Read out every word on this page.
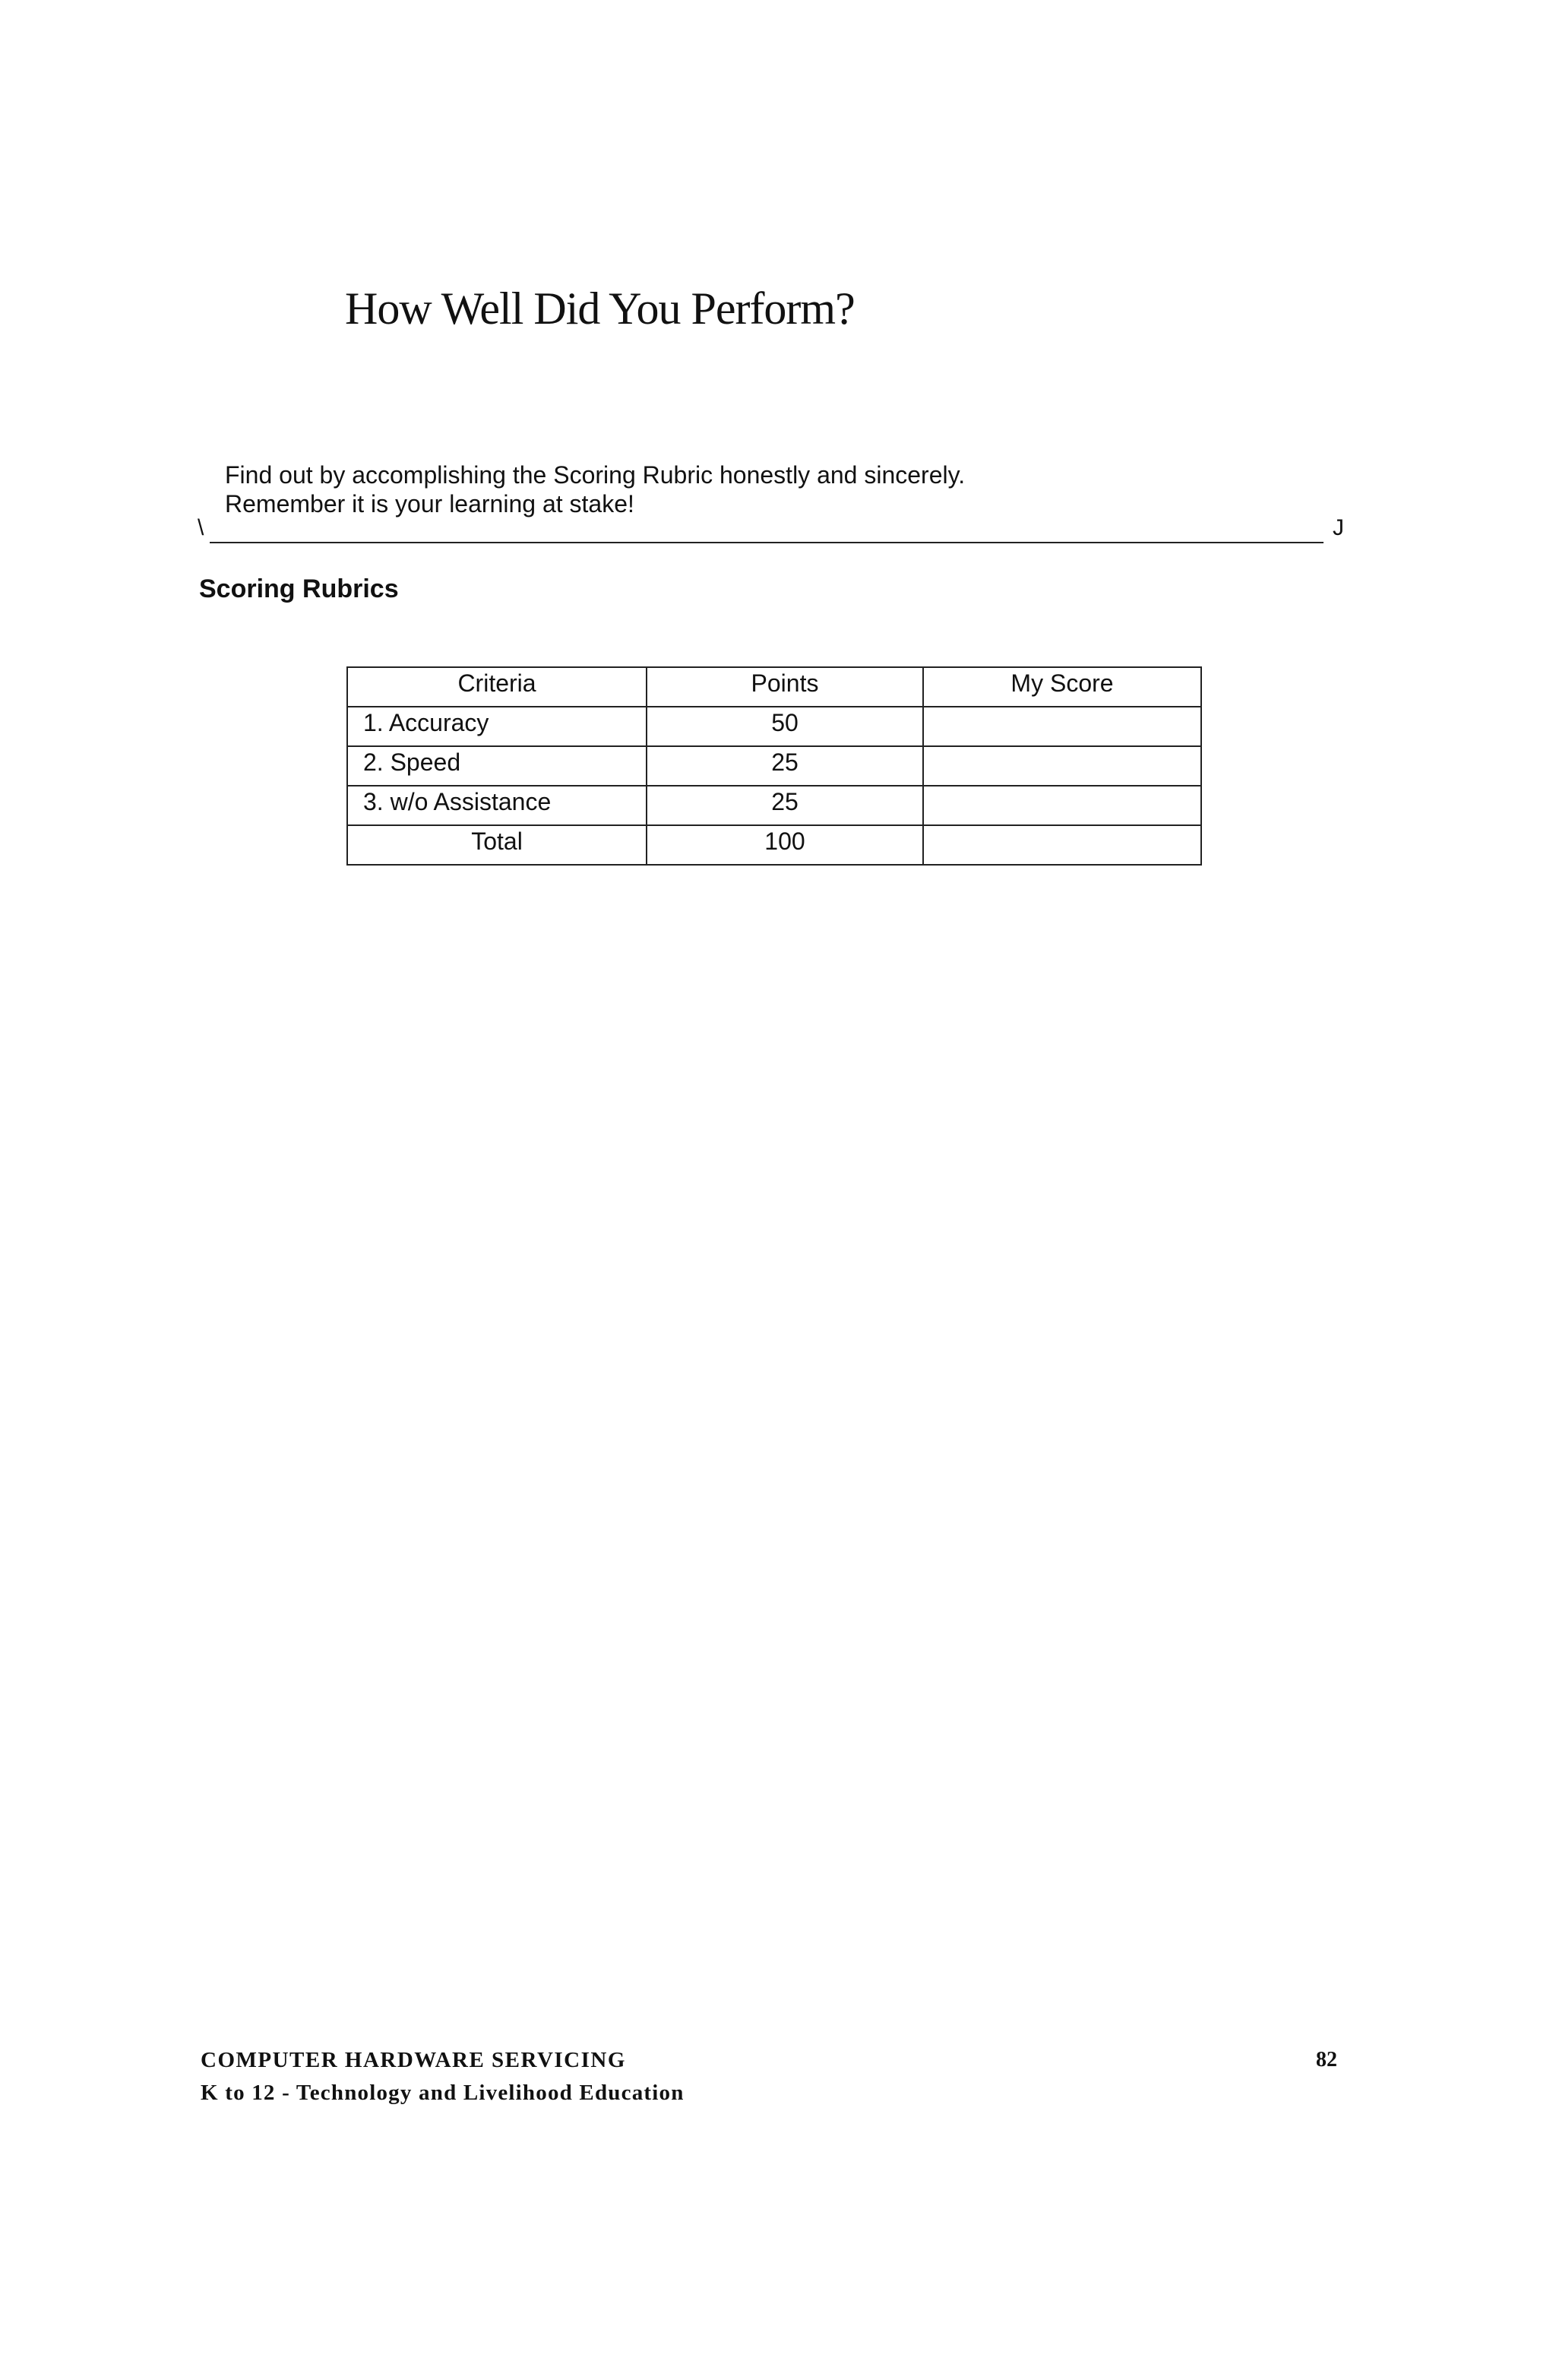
How Well Did You Perform?
Find out by accomplishing the Scoring Rubric honestly and sincerely.
Remember it is your learning at stake!
\	J
Scoring Rubrics
Criteria	Points	My Score
1. Accuracy	50	
2. Speed	25	
3. w/o Assistance	25	
Total	100	
COMPUTER HARDWARE SERVICING
K to 12 - Technology and Livelihood Education
82
